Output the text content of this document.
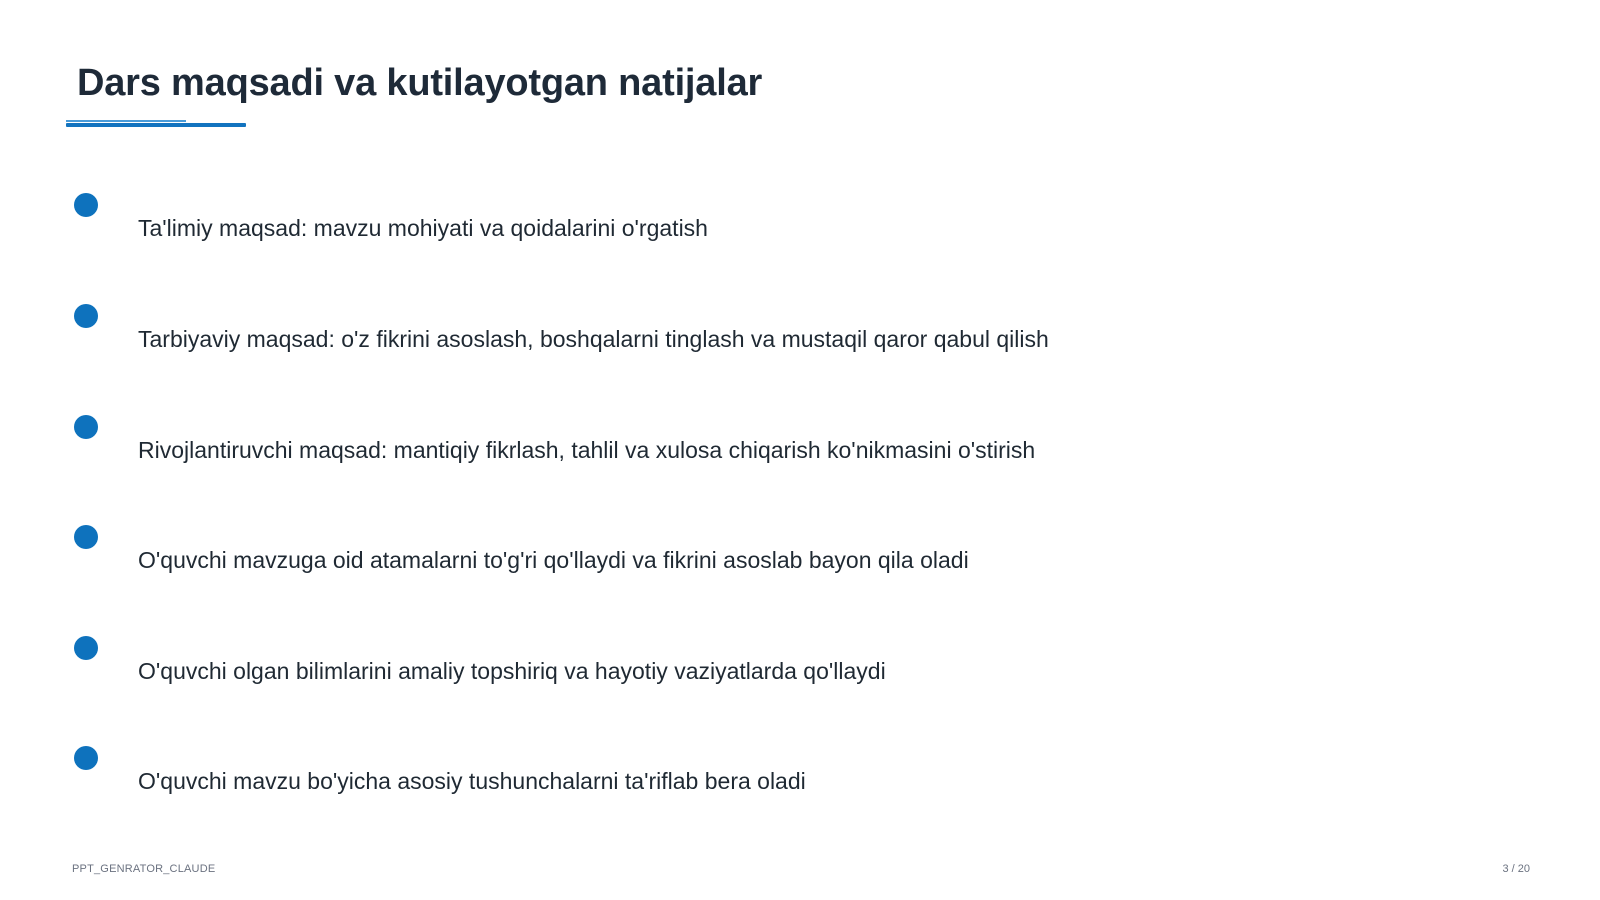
Dars maqsadi va kutilayotgan natijalar
Ta'limiy maqsad: mavzu mohiyati va qoidalarini o'rgatish
Tarbiyaviy maqsad: o'z fikrini asoslash, boshqalarni tinglash va mustaqil qaror qabul qilish
Rivojlantiruvchi maqsad: mantiqiy fikrlash, tahlil va xulosa chiqarish ko'nikmasini o'stirish
O'quvchi mavzuga oid atamalarni to'g'ri qo'llaydi va fikrini asoslab bayon qila oladi
O'quvchi olgan bilimlarini amaliy topshiriq va hayotiy vaziyatlarda qo'llaydi
O'quvchi mavzu bo'yicha asosiy tushunchalarni ta'riflab bera oladi
PPT_GENRATOR_CLAUDE	3 / 20
